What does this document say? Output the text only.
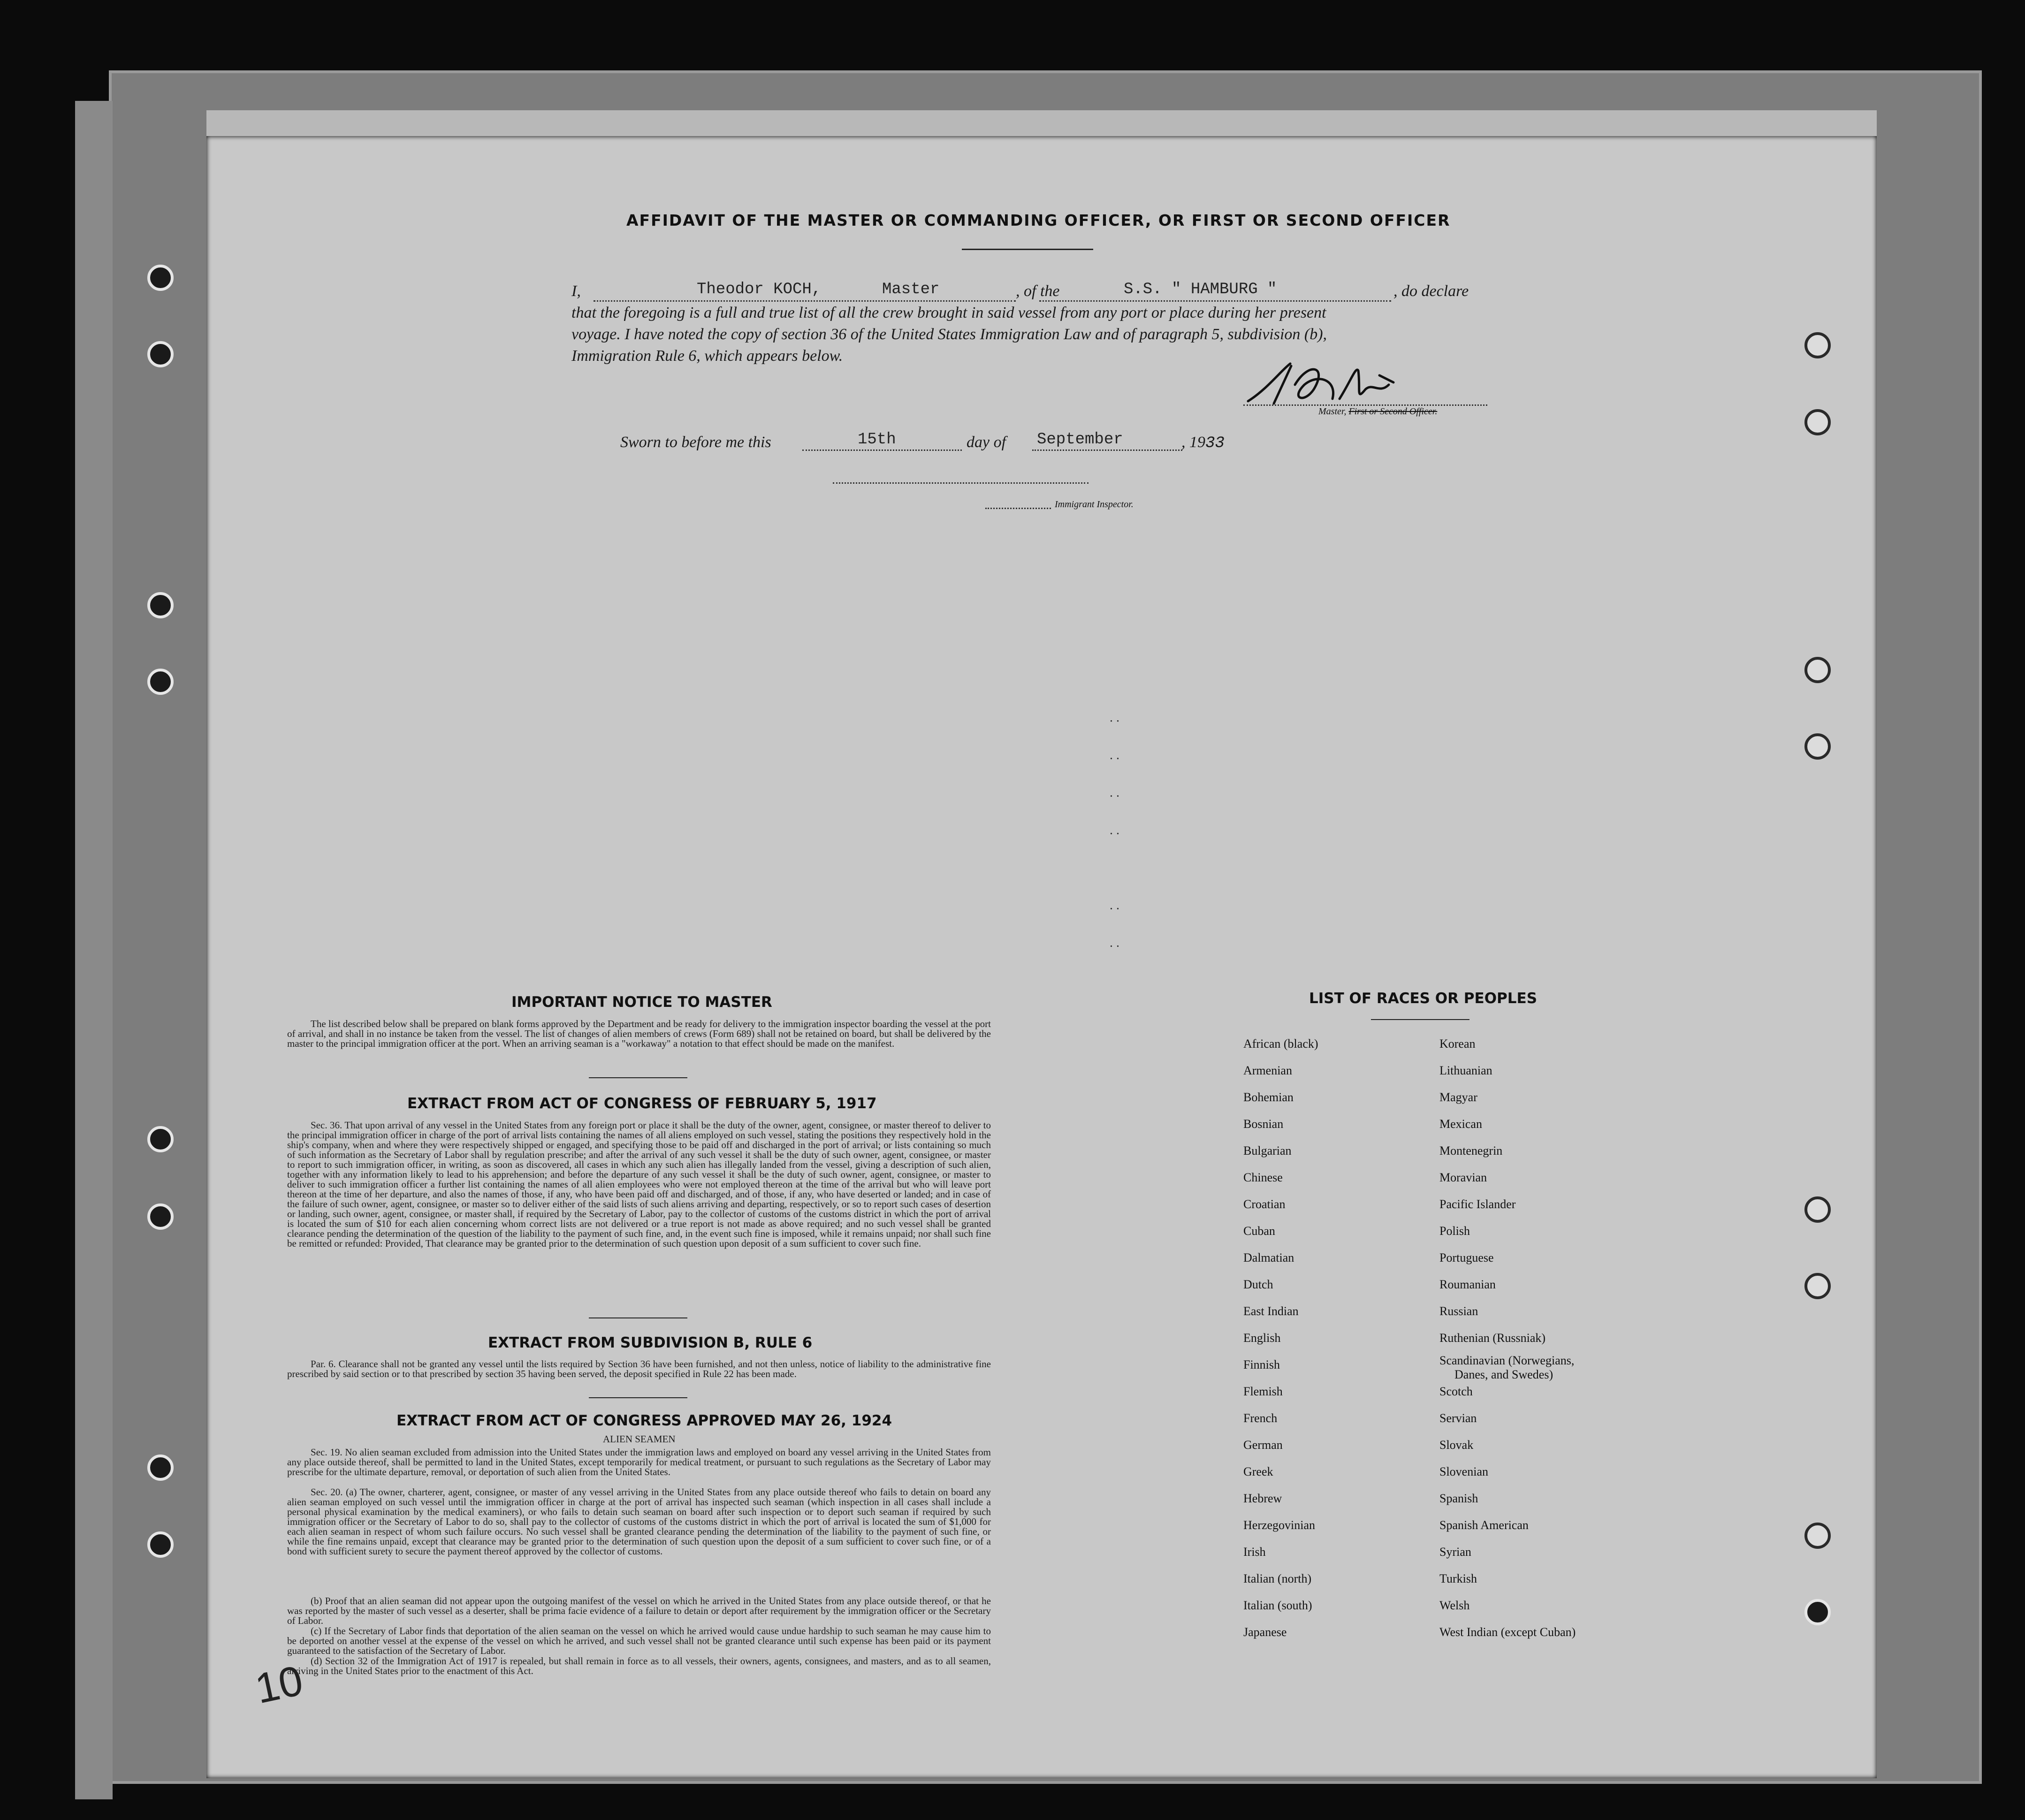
AFFIDAVIT OF THE MASTER OR COMMANDING OFFICER, OR FIRST OR SECOND OFFICER
I,	Theodor KOCH,	Master	, of the	S.S. " HAMBURG "	, do declare
that the foregoing is a full and true list of all the crew brought in said vessel from any port or place during her present
voyage. I have noted the copy of section 36 of the United States Immigration Law and of paragraph 5, subdivision (b),
Immigration Rule 6, which appears below.
Master, First or Second Officer.
Sworn to before me this	15th	day of September	, 1933
Immigrant Inspector.
. .
. .
. .
. .

. .
. .
IMPORTANT NOTICE TO MASTER
The list described below shall be prepared on blank forms approved by the Department and be ready for delivery to the immigration inspector boarding the vessel at the port of arrival, and shall in no instance be taken from the vessel. The list of changes of alien members of crews (Form 689) shall not be retained on board, but shall be delivered by the master to the principal immigration officer at the port. When an arriving seaman is a "workaway" a notation to that effect should be made on the manifest.
EXTRACT FROM ACT OF CONGRESS OF FEBRUARY 5, 1917
Sec. 36. That upon arrival of any vessel in the United States from any foreign port or place it shall be the duty of the owner, agent, consignee, or master thereof to deliver to the principal immigration officer in charge of the port of arrival lists containing the names of all aliens employed on such vessel, stating the positions they respectively hold in the ship's company, when and where they were respectively shipped or engaged, and specifying those to be paid off and discharged in the port of arrival; or lists containing so much of such information as the Secretary of Labor shall by regulation prescribe; and after the arrival of any such vessel it shall be the duty of such owner, agent, consignee, or master to report to such immigration officer, in writing, as soon as discovered, all cases in which any such alien has illegally landed from the vessel, giving a description of such alien, together with any information likely to lead to his apprehension; and before the departure of any such vessel it shall be the duty of such owner, agent, consignee, or master to deliver to such immigration officer a further list containing the names of all alien employees who were not employed thereon at the time of the arrival but who will leave port thereon at the time of her departure, and also the names of those, if any, who have been paid off and discharged, and of those, if any, who have deserted or landed; and in case of the failure of such owner, agent, consignee, or master so to deliver either of the said lists of such aliens arriving and departing, respectively, or so to report such cases of desertion or landing, such owner, agent, consignee, or master shall, if required by the Secretary of Labor, pay to the collector of customs of the customs district in which the port of arrival is located the sum of $10 for each alien concerning whom correct lists are not delivered or a true report is not made as above required; and no such vessel shall be granted clearance pending the determination of the question of the liability to the payment of such fine, and, in the event such fine is imposed, while it remains unpaid; nor shall such fine be remitted or refunded: Provided, That clearance may be granted prior to the determination of such question upon deposit of a sum sufficient to cover such fine.
EXTRACT FROM SUBDIVISION B, RULE 6
Par. 6. Clearance shall not be granted any vessel until the lists required by Section 36 have been furnished, and not then unless, notice of liability to the administrative fine prescribed by said section or to that prescribed by section 35 having been served, the deposit specified in Rule 22 has been made.
EXTRACT FROM ACT OF CONGRESS APPROVED MAY 26, 1924
ALIEN SEAMEN
Sec. 19. No alien seaman excluded from admission into the United States under the immigration laws and employed on board any vessel arriving in the United States from any place outside thereof, shall be permitted to land in the United States, except temporarily for medical treatment, or pursuant to such regulations as the Secretary of Labor may prescribe for the ultimate departure, removal, or deportation of such alien from the United States.
Sec. 20. (a) The owner, charterer, agent, consignee, or master of any vessel arriving in the United States from any place outside thereof who fails to detain on board any alien seaman employed on such vessel until the immigration officer in charge at the port of arrival has inspected such seaman (which inspection in all cases shall include a personal physical examination by the medical examiners), or who fails to detain such seaman on board after such inspection or to deport such seaman if required by such immigration officer or the Secretary of Labor to do so, shall pay to the collector of customs of the customs district in which the port of arrival is located the sum of $1,000 for each alien seaman in respect of whom such failure occurs. No such vessel shall be granted clearance pending the determination of the liability to the payment of such fine, or while the fine remains unpaid, except that clearance may be granted prior to the determination of such question upon the deposit of a sum sufficient to cover such fine, or of a bond with sufficient surety to secure the payment thereof approved by the collector of customs.
(b) Proof that an alien seaman did not appear upon the outgoing manifest of the vessel on which he arrived in the United States from any place outside thereof, or that he was reported by the master of such vessel as a deserter, shall be prima facie evidence of a failure to detain or deport after requirement by the immigration officer or the Secretary of Labor.
(c) If the Secretary of Labor finds that deportation of the alien seaman on the vessel on which he arrived would cause undue hardship to such seaman he may cause him to be deported on another vessel at the expense of the vessel on which he arrived, and such vessel shall not be granted clearance until such expense has been paid or its payment guaranteed to the satisfaction of the Secretary of Labor.
(d) Section 32 of the Immigration Act of 1917 is repealed, but shall remain in force as to all vessels, their owners, agents, consignees, and masters, and as to all seamen, arriving in the United States prior to the enactment of this Act.
LIST OF RACES OR PEOPLES
African (black)
Armenian
Bohemian
Bosnian
Bulgarian
Chinese
Croatian
Cuban
Dalmatian
Dutch
East Indian
English
Finnish
Flemish
French
German
Greek
Hebrew
Herzegovinian
Irish
Italian (north)
Italian (south)
Japanese
Korean
Lithuanian
Magyar
Mexican
Montenegrin
Moravian
Pacific Islander
Polish
Portuguese
Roumanian
Russian
Ruthenian (Russniak)
Scandinavian (Norwegians,
Danes, and Swedes)
Scotch
Servian
Slovak
Slovenian
Spanish
Spanish American
Syrian
Turkish
Welsh
West Indian (except Cuban)
10
